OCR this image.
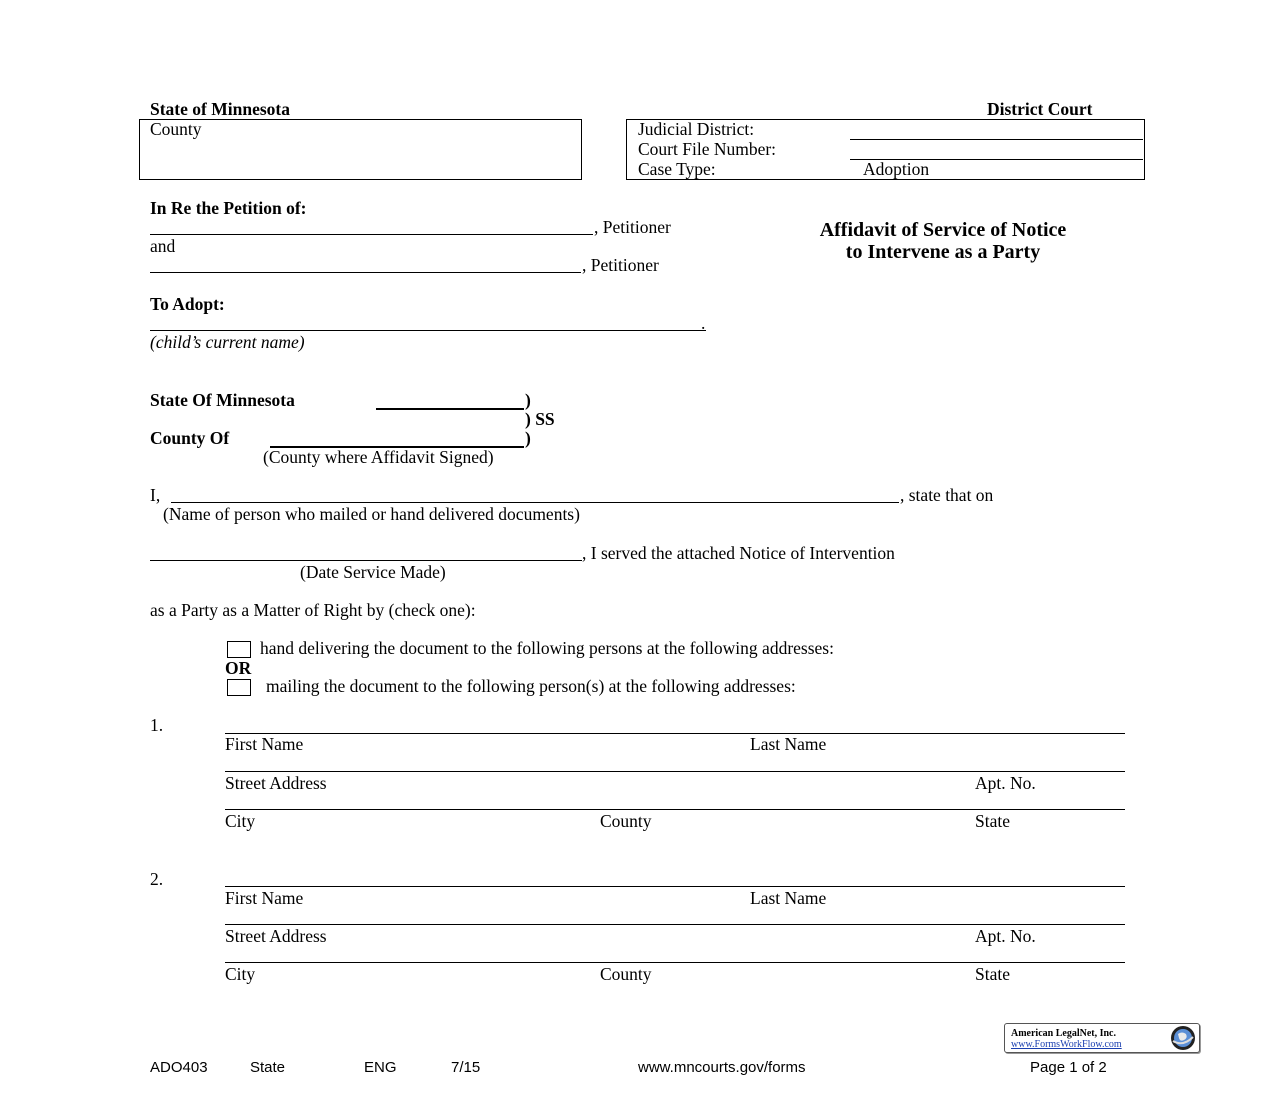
State of Minnesota	District Court
County	Judicial District:
Court File Number:
Case Type:	Adoption
In Re the Petition of:
, Petitioner
and
, Petitioner
To Adopt:
.
(child’s current name)
Affidavit of Service of Notice
to Intervene as a Party
State Of Minnesota	)
) SS
County Of	)
(County where Affidavit Signed)
I,	, state that on
(Name of person who mailed or hand delivered documents)
, I served the attached Notice of Intervention
(Date Service Made)
as a Party as a Matter of Right by (check one):
hand delivering the document to the following persons at the following addresses:
OR
mailing the document to the following person(s) at the following addresses:
1.
First Name	Last Name
Street Address	Apt. No.
City	County	State
2.
First Name	Last Name
Street Address	Apt. No.
City	County	State
American LegalNet, Inc.
www.FormsWorkFlow.com
ADO403	State	ENG	7/15	www.mncourts.gov/forms	Page 1 of 2
